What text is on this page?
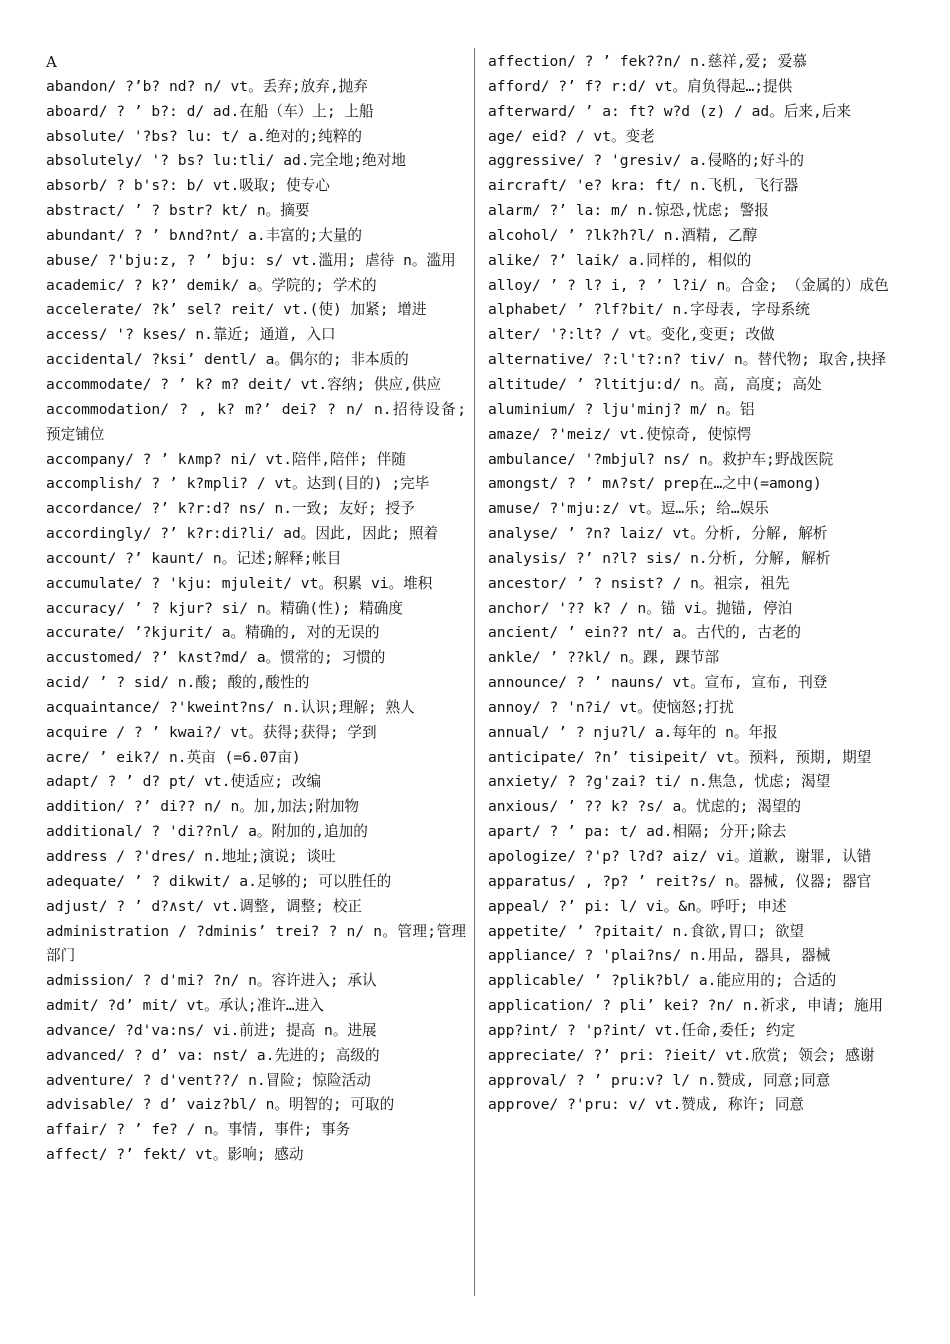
A
abandon/ ?’b? nd? n/ vt。丢弃;放弃,抛弃
aboard/ ? ’ b?: d/ ad.在船（车）上; 上船
absolute/ '?bs? lu: t/ a.绝对的;纯粹的
absolutely/ '? bs? lu:tli/ ad.完全地;绝对地
absorb/ ? b's?: b/ vt.吸取; 使专心
abstract/ ’ ? bstr? kt/ n。摘要
abundant/ ? ’ b∧nd?nt/ a.丰富的;大量的
abuse/ ?'bju:z, ? ’ bju: s/ vt.滥用; 虐待 n。滥用
academic/ ? k?’ demik/ a。学院的; 学术的
accelerate/ ?k’ sel? reit/ vt.(使) 加紧; 增进
access/ '? kses/ n.靠近; 通道, 入口
accidental/ ?ksi’ dentl/ a。偶尔的; 非本质的
accommodate/ ? ’ k? m? deit/ vt.容纳; 供应,供应
accommodation/ ? , k? m?’ dei? ? n/ n.招待设备; 预定铺位
accompany/ ? ’ k∧mp? ni/ vt.陪伴,陪伴; 伴随
accomplish/ ? ’ k?mpli? / vt。达到(目的) ;完毕
accordance/ ?’ k?r:d? ns/ n.一致; 友好; 授予
accordingly/ ?’ k?r:di?li/ ad。因此, 因此; 照着
account/ ?’ kaunt/ n。记述;解释;帐目
accumulate/ ? 'kju: mjuleit/ vt。积累 vi。堆积
accuracy/ ’ ? kjur? si/ n。精确(性); 精确度
accurate/ ’?kjurit/ a。精确的, 对的无误的
accustomed/ ?’ k∧st?md/ a。惯常的; 习惯的
acid/ ’ ? sid/ n.酸; 酸的,酸性的
acquaintance/ ?'kweint?ns/ n.认识;理解; 熟人
acquire / ? ’ kwai?/ vt。获得;获得; 学到
acre/ ’ eik?/ n.英亩 (=6.07亩)
adapt/ ? ’ d? pt/ vt.使适应; 改编
addition/ ?’ di?? n/ n。加,加法;附加物
additional/ ? 'di??nl/ a。附加的,追加的
address / ?'dres/ n.地址;演说; 谈吐
adequate/ ’ ? dikwit/ a.足够的; 可以胜任的
adjust/ ? ’ d?∧st/ vt.调整, 调整; 校正
administration / ?dminis’ trei? ? n/ n。管理;管理部门
admission/ ? d'mi? ?n/ n。容许进入; 承认
admit/ ?d’ mit/ vt。承认;准许…进入
advance/ ?d'va:ns/ vi.前进; 提高 n。进展
advanced/ ? d’ va: nst/ a.先进的; 高级的
adventure/ ? d'vent??/ n.冒险; 惊险活动
advisable/ ? d’ vaiz?bl/ n。明智的; 可取的
affair/ ? ’ fe? / n。事情, 事件; 事务
affect/ ?’ fekt/ vt。影响; 感动
affection/ ? ’ fek??n/ n.慈祥,爱; 爱慕
afford/ ?’ f? r:d/ vt。肩负得起…;提供
afterward/ ’ a: ft? w?d (z) / ad。后来,后来
age/ eid? / vt。变老
aggressive/ ? 'gresiv/ a.侵略的;好斗的
aircraft/ 'e? kra: ft/ n.飞机, 飞行器
alarm/ ?’ la: m/ n.惊恐,忧虑; 警报
alcohol/ ’ ?lk?h?l/ n.酒精, 乙醇
alike/ ?’ laik/ a.同样的, 相似的
alloy/ ’ ? l? i, ? ’ l?i/ n。合金; （金属的）成色
alphabet/ ’ ?lf?bit/ n.字母表, 字母系统
alter/ '?:lt? / vt。变化,变更; 改做
alternative/ ?:l't?:n? tiv/ n。替代物; 取舍,抉择
altitude/ ’ ?ltitju:d/ n。高, 高度; 高处
aluminium/ ? lju'minj? m/ n。铝
amaze/ ?'meiz/ vt.使惊奇, 使惊愕
ambulance/ '?mbjul? ns/ n。救护车;野战医院
amongst/ ? ’ m∧?st/ prep在…之中(=among)
amuse/ ?'mju:z/ vt。逗…乐; 给…娱乐
analyse/ ’ ?n? laiz/ vt。分析, 分解, 解析
analysis/ ?’ n?l? sis/ n.分析, 分解, 解析
ancestor/ ’ ? nsist? / n。祖宗, 祖先
anchor/ '?? k? / n。锚 vi。抛锚, 停泊
ancient/ ’ ein?? nt/ a。古代的, 古老的
ankle/ ’ ??kl/ n。踝, 踝节部
announce/ ? ’ nauns/ vt。宣布, 宣布, 刊登
annoy/ ? 'n?i/ vt。使恼怒;打扰
annual/ ’ ? nju?l/ a.每年的 n。年报
anticipate/ ?n’ tisipeit/ vt。预料, 预期, 期望
anxiety/ ? ?g'zai? ti/ n.焦急, 忧虑; 渴望
anxious/ ’ ?? k? ?s/ a。忧虑的; 渴望的
apart/ ? ’ pa: t/ ad.相隔; 分开;除去
apologize/ ?'p? l?d? aiz/ vi。道歉, 谢罪, 认错
apparatus/ , ?p? ’ reit?s/ n。器械, 仪器; 器官
appeal/ ?’ pi: l/ vi。&n。呼吁; 申述
appetite/ ’ ?pitait/ n.食欲,胃口; 欲望
appliance/ ? 'plai?ns/ n.用品, 器具, 器械
applicable/ ’ ?plik?bl/ a.能应用的; 合适的
application/ ? pli’ kei? ?n/ n.祈求, 申请; 施用
app?int/ ? 'p?int/ vt.任命,委任; 约定
appreciate/ ?’ pri: ?ieit/ vt.欣赏; 领会; 感谢
approval/ ? ’ pru:v? l/ n.赞成, 同意;同意
approve/ ?'pru: v/ vt.赞成, 称许; 同意
